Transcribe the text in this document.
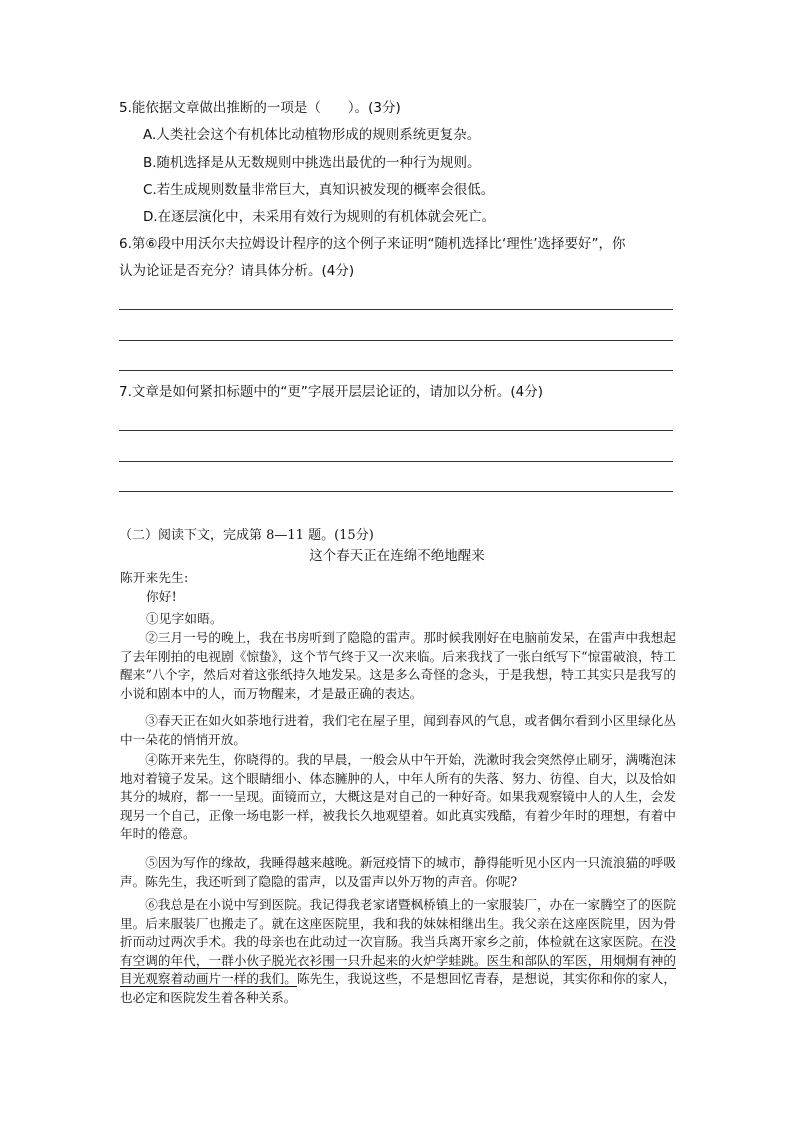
5.能依据文章做出推断的一项是（　　）。(3分)
A.人类社会这个有机体比动植物形成的规则系统更复杂。
B.随机选择是从无数规则中挑选出最优的一种行为规则。
C.若生成规则数量非常巨大，真知识被发现的概率会很低。
D.在逐层演化中，未采用有效行为规则的有机体就会死亡。
6.第⑥段中用沃尔夫拉姆设计程序的这个例子来证明“随机选择比‘理性’选择要好”，你
认为论证是否充分？请具体分析。(4分)
7.文章是如何紧扣标题中的“更”字展开层层论证的，请加以分析。(4分)
（二）阅读下文，完成第 8—11 题。(15分)
这个春天正在连绵不绝地醒来
陈开来先生:
你好!
①见字如晤。
②三月一号的晚上，我在书房听到了隐隐的雷声。那时候我刚好在电脑前发呆，在雷声中我想起了去年刚拍的电视剧《惊蛰》，这个节气终于又一次来临。后来我找了一张白纸写下“惊雷破浪，特工醒来”八个字，然后对着这张纸持久地发呆。这是多么奇怪的念头，于是我想，特工其实只是我写的小说和剧本中的人，而万物醒来，才是最正确的表达。
③春天正在如火如荼地行进着，我们宅在屋子里，闻到春风的气息，或者偶尔看到小区里绿化丛中一朵花的悄悄开放。
④陈开来先生，你晓得的。我的早晨，一般会从中午开始，洗漱时我会突然停止刷牙，满嘴泡沫地对着镜子发呆。这个眼睛细小、体态臃肿的人，中年人所有的失落、努力、彷徨、自大，以及恰如其分的城府，都一一呈现。面镜而立，大概这是对自己的一种好奇。如果我观察镜中人的人生，会发现另一个自己，正像一场电影一样，被我长久地观望着。如此真实残酷，有着少年时的理想，有着中年时的倦意。
⑤因为写作的缘故，我睡得越来越晚。新冠疫情下的城市，静得能听见小区内一只流浪猫的呼吸声。陈先生，我还听到了隐隐的雷声，以及雷声以外万物的声音。你呢?
⑥我总是在小说中写到医院。我记得我老家诸暨枫桥镇上的一家服装厂，办在一家腾空了的医院里。后来服装厂也搬走了。就在这座医院里，我和我的妹妹相继出生。我父亲在这座医院里，因为骨折而动过两次手术。我的母亲也在此动过一次盲肠。我当兵离开家乡之前，体检就在这家医院。在没有空调的年代，一群小伙子脱光衣衫围一只升起来的火炉学蛙跳。医生和部队的军医，用炯炯有神的目光观察着动画片一样的我们。陈先生，我说这些，不是想回忆青春，是想说，其实你和你的家人，也必定和医院发生着各种关系。
